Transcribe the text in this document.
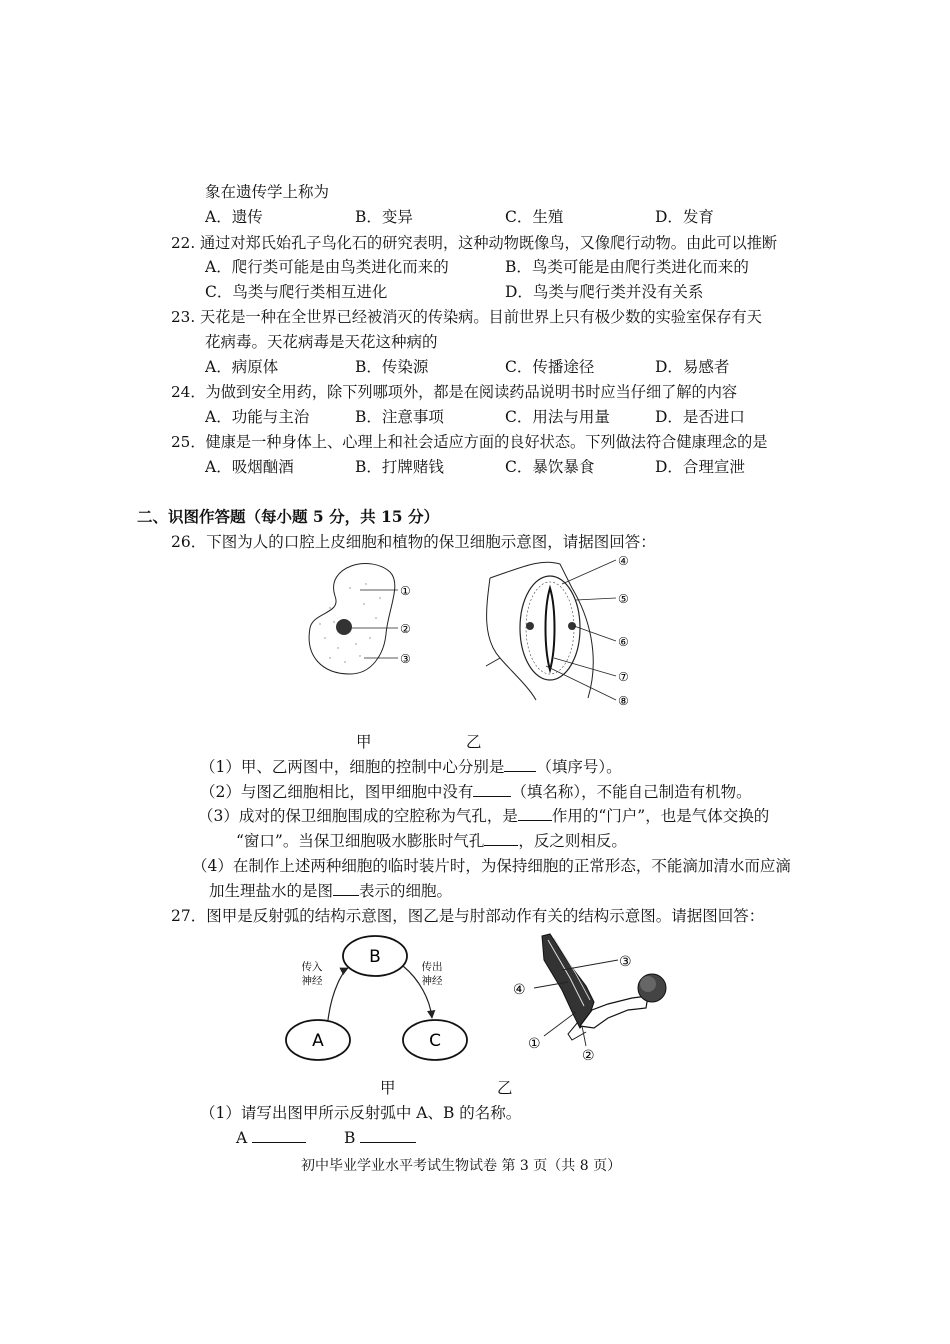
象在遗传学上称为
A．遗传	B．变异	C．生殖	D．发育
22. 通过对郑氏始孔子鸟化石的研究表明，这种动物既像鸟，又像爬行动物。由此可以推断
A．爬行类可能是由鸟类进化而来的	B．鸟类可能是由爬行类进化而来的
C．鸟类与爬行类相互进化	D．鸟类与爬行类并没有关系
23. 天花是一种在全世界已经被消灭的传染病。目前世界上只有极少数的实验室保存有天
花病毒。天花病毒是天花这种病的
A．病原体	B．传染源	C．传播途径	D．易感者
24．为做到安全用药，除下列哪项外，都是在阅读药品说明书时应当仔细了解的内容
A．功能与主治	B．注意事项	C．用法与用量	D．是否进口
25．健康是一种身体上、心理上和社会适应方面的良好状态。下列做法符合健康理念的是
A．吸烟酗酒	B．打牌赌钱	C．暴饮暴食	D．合理宣泄
二、识图作答题（每小题 5 分，共 15 分）
26．下图为人的口腔上皮细胞和植物的保卫细胞示意图，请据图回答：
①
②
③
④
⑤
⑥
⑦
⑧
甲	乙
（1）甲、乙两图中，细胞的控制中心分别是 （填序号）。
（2）与图乙细胞相比，图甲细胞中没有 （填名称），不能自己制造有机物。
（3）成对的保卫细胞围成的空腔称为气孔，是 作用的“门户”，也是气体交换的
“窗口”。当保卫细胞吸水膨胀时气孔 ，反之则相反。
（4）在制作上述两种细胞的临时装片时，为保持细胞的正常形态，不能滴加清水而应滴
加生理盐水的是图 表示的细胞。
27．图甲是反射弧的结构示意图，图乙是与肘部动作有关的结构示意图。请据图回答：
B
A	C
传入
神经
传出
神经
③
④
①
②
甲	乙
（1）请写出图甲所示反射弧中 A、B 的名称。
A	B
初中毕业学业水平考试生物试卷 第 3 页（共 8 页）
